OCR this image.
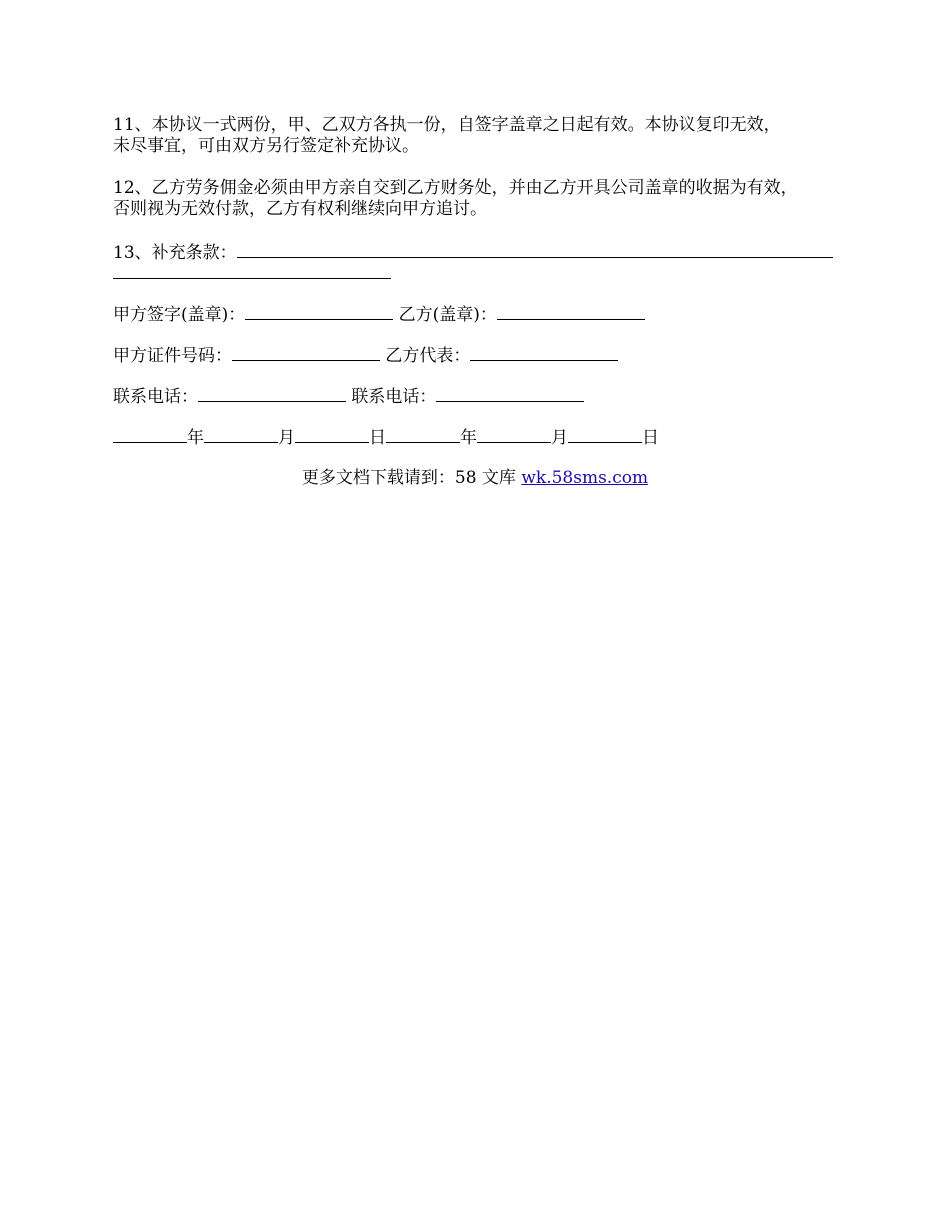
11、本协议一式两份，甲、乙双方各执一份，自签字盖章之日起有效。本协议复印无效，
未尽事宜，可由双方另行签定补充协议。
12、乙方劳务佣金必须由甲方亲自交到乙方财务处，并由乙方开具公司盖章的收据为有效，
否则视为无效付款，乙方有权利继续向甲方追讨。
13、补充条款：
甲方签字(盖章)：	乙方(盖章)：
甲方证件号码：	乙方代表：
联系电话：	联系电话：
年	月	日	年	月	日
更多文档下载请到：58 文库 wk.58sms.com
